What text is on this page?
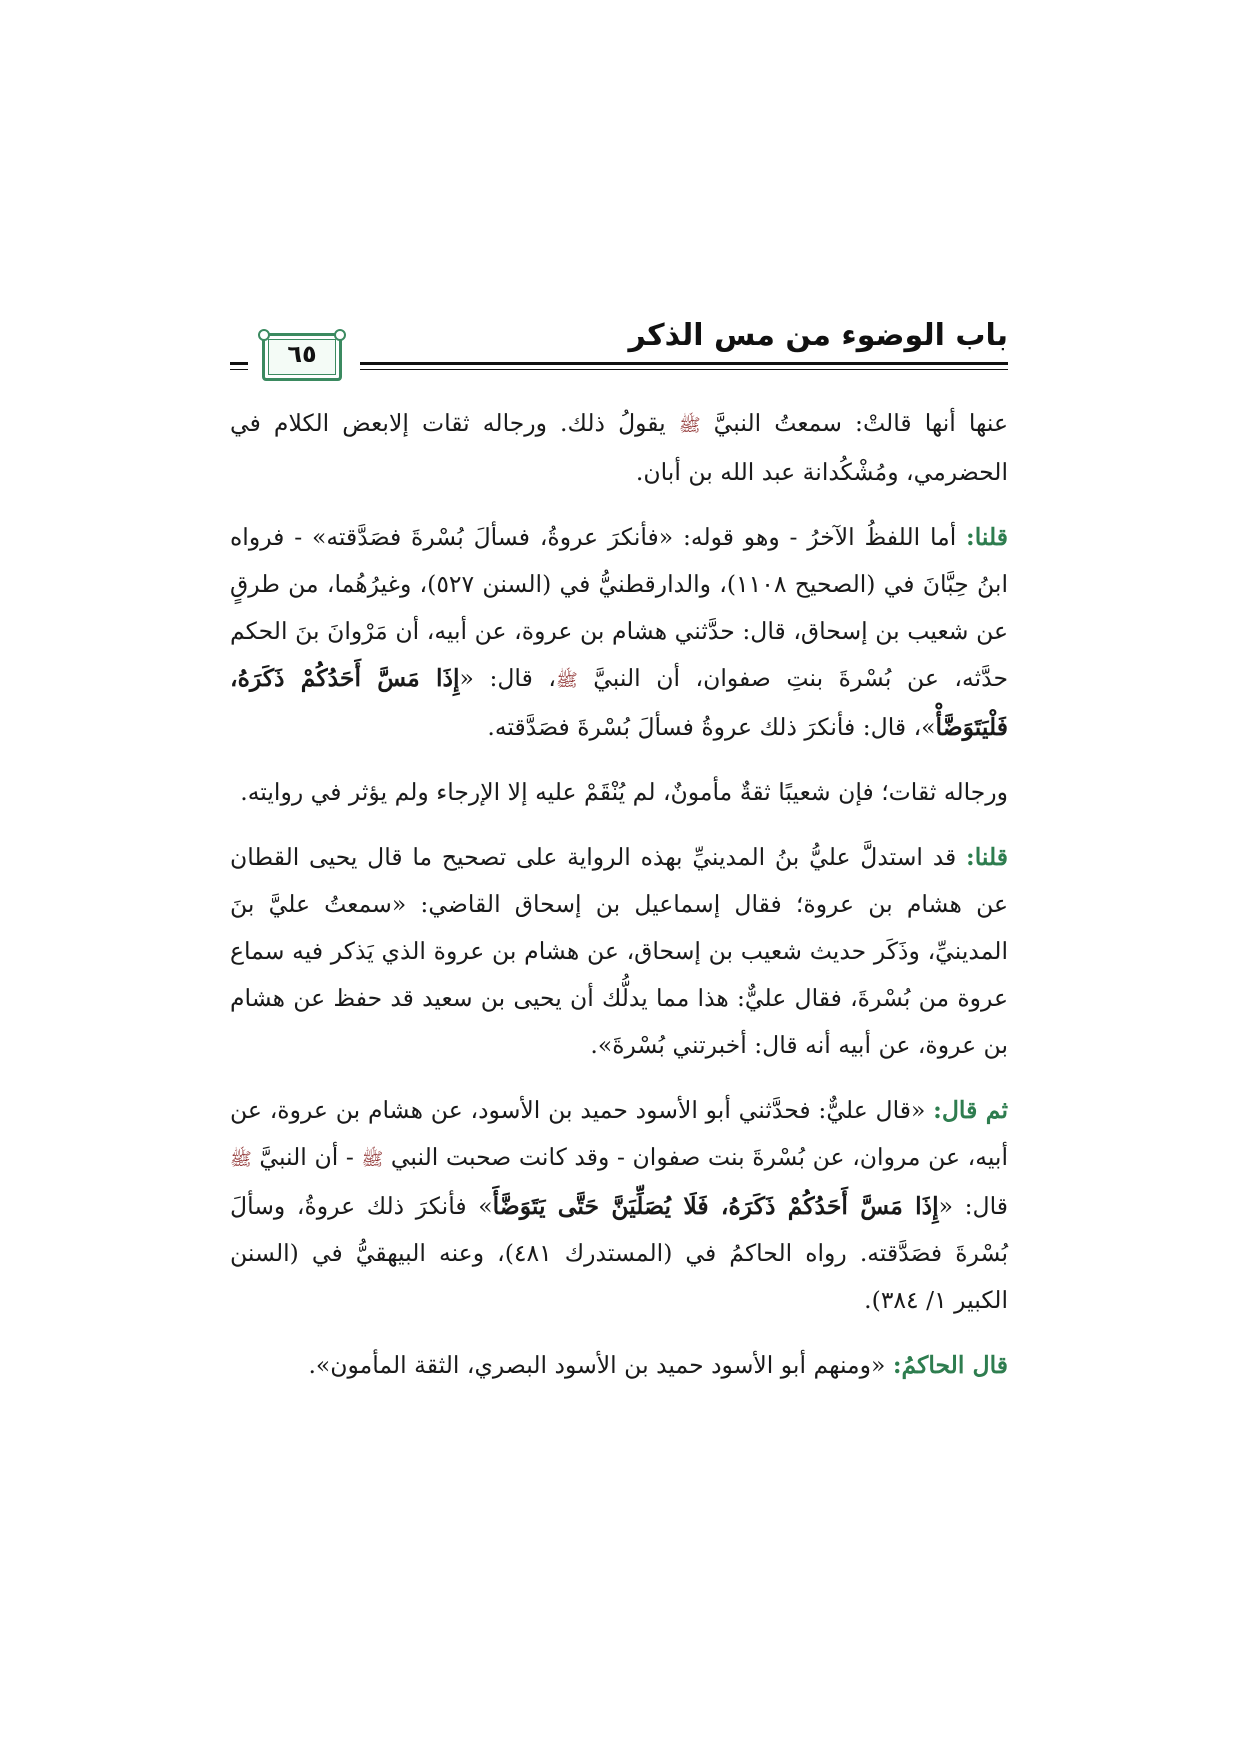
باب الوضوء من مس الذكر
٦٥

عنها أنها قالتْ: سمعتُ النبيَّ ﷺ يقولُ ذلك. ورجاله ثقات إلابعض الكلام في الحضرمي، ومُشْكُدانة عبد الله بن أبان.

قلنا: أما اللفظُ الآخرُ - وهو قوله: «فأنكرَ عروةُ، فسألَ بُسْرةَ فصَدَّقته» - فرواه ابنُ حِبَّانَ في (الصحيح ١١٠٨)، والدارقطنيُّ في (السنن ٥٢٧)، وغيرُهُما، من طرقٍ عن شعيب بن إسحاق، قال: حدَّثني هشام بن عروة، عن أبيه، أن مَرْوانَ بنَ الحكم حدَّثه، عن بُسْرةَ بنتِ صفوان، أن النبيَّ ﷺ، قال: «إِذَا مَسَّ أَحَدُكُمْ ذَكَرَهُ، فَلْيَتَوَضَّأْ»، قال: فأنكرَ ذلك عروةُ فسألَ بُسْرةَ فصَدَّقته.

ورجاله ثقات؛ فإن شعيبًا ثقةٌ مأمونٌ، لم يُنْقَمْ عليه إلا الإرجاء ولم يؤثر في روايته.

قلنا: قد استدلَّ عليُّ بنُ المدينيِّ بهذه الرواية على تصحيح ما قال يحيى القطان عن هشام بن عروة؛ فقال إسماعيل بن إسحاق القاضي: «سمعتُ عليَّ بنَ المدينيِّ، وذَكَر حديث شعيب بن إسحاق، عن هشام بن عروة الذي يَذكر فيه سماع عروة من بُسْرةَ، فقال عليٌّ: هذا مما يدلُّك أن يحيى بن سعيد قد حفظ عن هشام بن عروة، عن أبيه أنه قال: أخبرتني بُسْرةَ».

ثم قال: «قال عليٌّ: فحدَّثني أبو الأسود حميد بن الأسود، عن هشام بن عروة، عن أبيه، عن مروان، عن بُسْرةَ بنت صفوان - وقد كانت صحبت النبي ﷺ - أن النبيَّ ﷺ قال: «إِذَا مَسَّ أَحَدُكُمْ ذَكَرَهُ، فَلَا يُصَلِّيَنَّ حَتَّى يَتَوَضَّأَ» فأنكرَ ذلك عروةُ، وسألَ بُسْرةَ فصَدَّقته. رواه الحاكمُ في (المستدرك ٤٨١)، وعنه البيهقيُّ في (السنن الكبير ١/ ٣٨٤).

قال الحاكمُ: «ومنهم أبو الأسود حميد بن الأسود البصري، الثقة المأمون».
